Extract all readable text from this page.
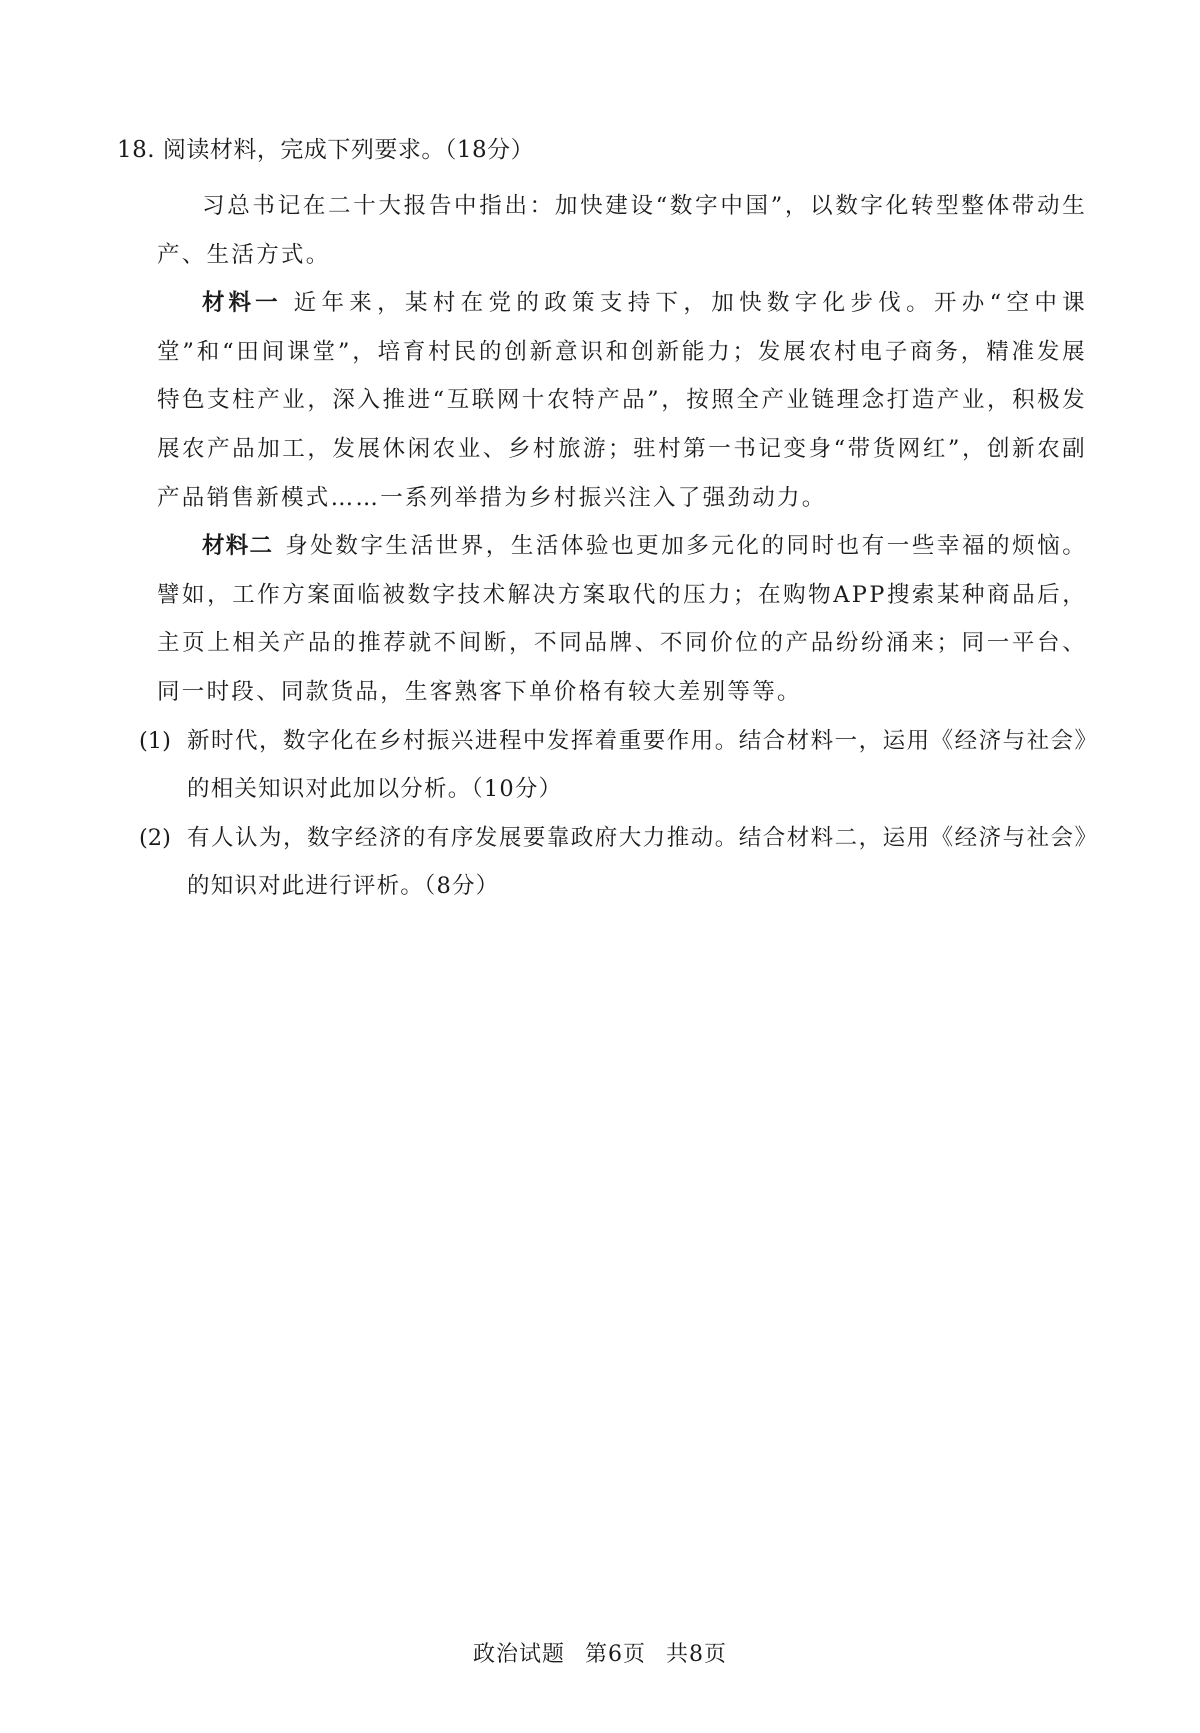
18. 阅读材料，完成下列要求。（18分）

习总书记在二十大报告中指出：加快建设“数字中国”，以数字化转型整体带动生产、生活方式。

材料一 近年来，某村在党的政策支持下，加快数字化步伐。开办“空中课堂”和“田间课堂”，培育村民的创新意识和创新能力；发展农村电子商务，精准发展特色支柱产业，深入推进“互联网十农特产品”，按照全产业链理念打造产业，积极发展农产品加工，发展休闲农业、乡村旅游；驻村第一书记变身“带货网红”，创新农副产品销售新模式……一系列举措为乡村振兴注入了强劲动力。

材料二 身处数字生活世界，生活体验也更加多元化的同时也有一些幸福的烦恼。譬如，工作方案面临被数字技术解决方案取代的压力；在购物APP搜索某种商品后，主页上相关产品的推荐就不间断，不同品牌、不同价位的产品纷纷涌来；同一平台、同一时段、同款货品，生客熟客下单价格有较大差别等等。

(1) 新时代，数字化在乡村振兴进程中发挥着重要作用。结合材料一，运用《经济与社会》的相关知识对此加以分析。（10分）

(2) 有人认为，数字经济的有序发展要靠政府大力推动。结合材料二，运用《经济与社会》的知识对此进行评析。（8分）

政治试题 第6页 共8页
